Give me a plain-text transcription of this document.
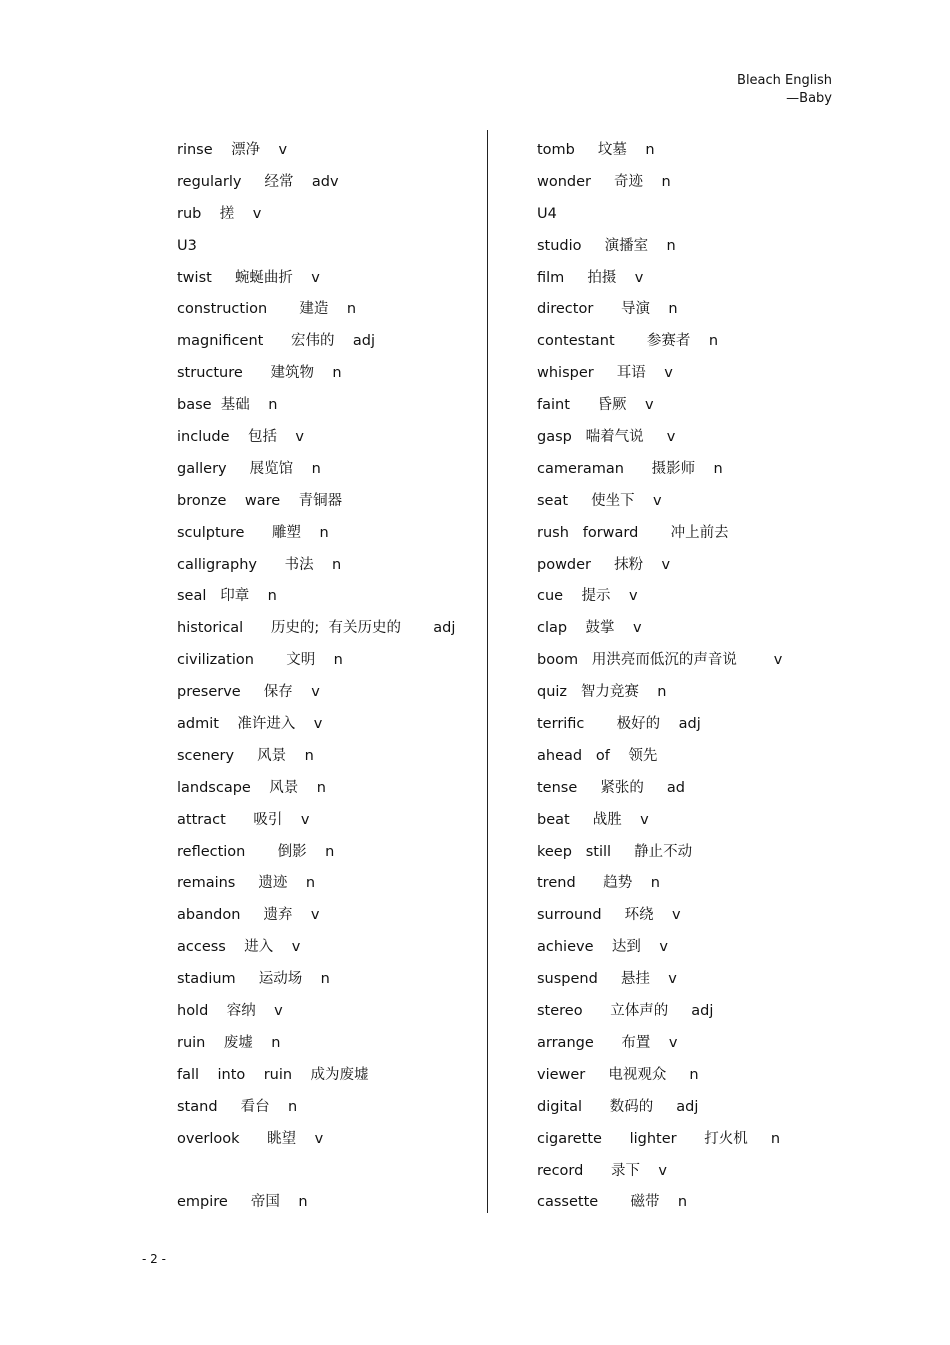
Bleach English
—Baby
rinse    漂净    v
regularly     经常    adv
rub    搓    v
U3
twist     蜿蜒曲折    v
construction       建造    n
magnificent      宏伟的    adj
structure      建筑物    n
base  基础    n
include    包括    v
gallery     展览馆    n
bronze    ware    青铜器
sculpture      雕塑    n
calligraphy      书法    n
seal   印章    n
historical      历史的;  有关历史的       adj
civilization       文明    n
preserve     保存    v
admit    准许进入    v
scenery     风景    n
landscape    风景    n
attract      吸引    v
reflection       倒影    n
remains     遗迹    n
abandon     遗弃    v
access    进入    v
stadium     运动场    n
hold    容纳    v
ruin    废墟    n
fall    into    ruin    成为废墟
stand     看台    n
overlook      眺望    v
empire     帝国    n
tomb     坟墓    n
wonder     奇迹    n
U4
studio     演播室    n
film     拍摄    v
director      导演    n
contestant       参赛者    n
whisper     耳语    v
faint      昏厥    v
gasp   喘着气说     v
cameraman      摄影师    n
seat     使坐下    v
rush   forward       冲上前去
powder     抹粉    v
cue    提示    v
clap    鼓掌    v
boom   用洪亮而低沉的声音说        v
quiz   智力竞赛    n
terrific       极好的    adj
ahead   of    领先
tense     紧张的     ad
beat     战胜    v
keep   still     静止不动
trend      趋势    n
surround     环绕    v
achieve    达到    v
suspend     悬挂    v
stereo      立体声的     adj
arrange      布置    v
viewer     电视观众     n
digital      数码的     adj
cigarette      lighter      打火机     n
record      录下    v
cassette       磁带    n
- 2 -
